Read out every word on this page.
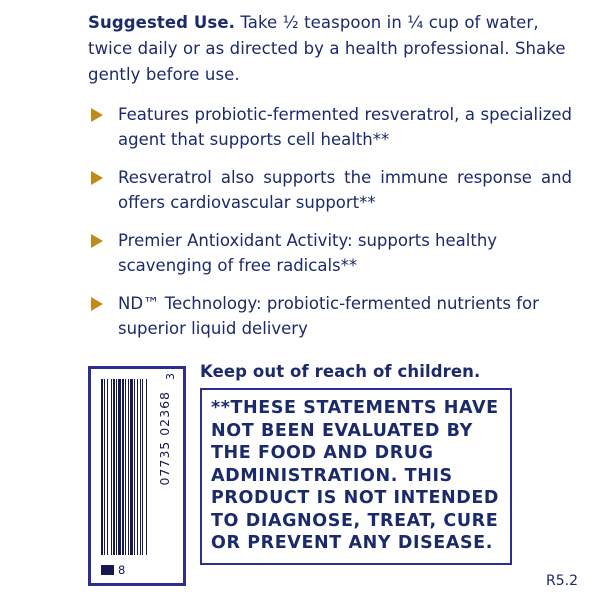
Suggested Use. Take ½ teaspoon in ¼ cup of water, twice daily or as directed by a health professional. Shake gently before use.

Features probiotic-fermented resveratrol, a specialized agent that supports cell health**
Resveratrol also supports the immune response and offers cardiovascular support**
Premier Antioxidant Activity: supports healthy scavenging of free radicals**
ND™ Technology: probiotic-fermented nutrients for superior liquid delivery
3
07735 02368
8
Keep out of reach of children.

**THESE STATEMENTS HAVE NOT BEEN EVALUATED BY THE FOOD AND DRUG ADMINISTRATION. THIS PRODUCT IS NOT INTENDED TO DIAGNOSE, TREAT, CURE OR PREVENT ANY DISEASE.

R5.2
